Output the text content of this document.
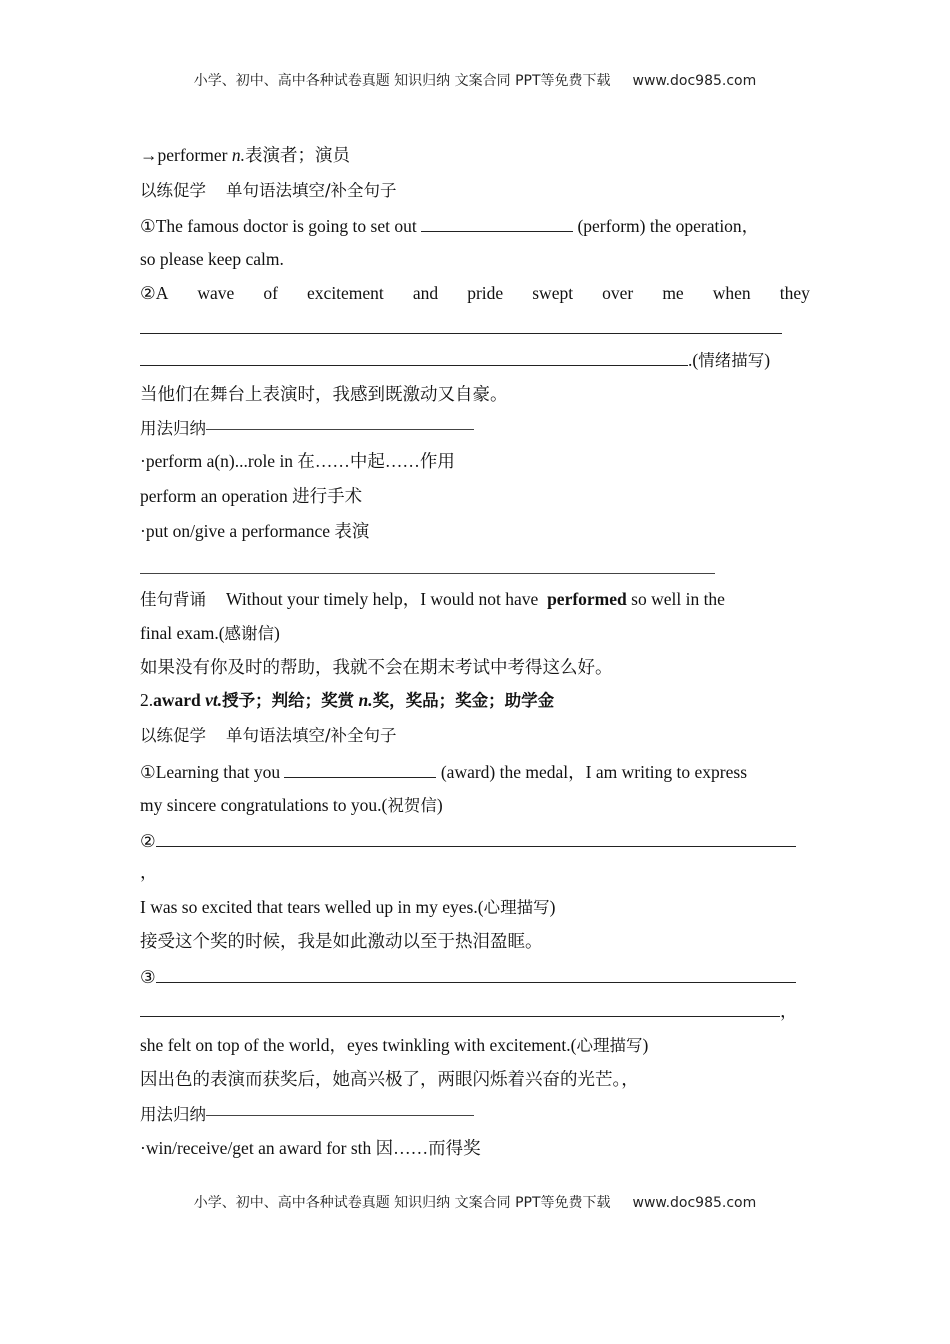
小学、初中、高中各种试卷真题 知识归纳 文案合同 PPT等免费下载 www.doc985.com
→performer n.表演者；演员
以练促学 单句语法填空/补全句子
①The famous doctor is going to set out	(perform) the operation，
so please keep calm.
②A wave of excitement and pride swept over me when they
.(情绪描写)
当他们在舞台上表演时，我感到既激动又自豪。
用法归纳
·perform a(n)...role in 在……中起……作用
perform an operation 进行手术
·put on/give a performance 表演
佳句背诵 Without your timely help，I would not have performed so well in the
final exam.(感谢信)
如果没有你及时的帮助，我就不会在期末考试中考得这么好。
2.award vt.授予；判给；奖赏 n.奖，奖品；奖金；助学金
以练促学 单句语法填空/补全句子
①Learning that you	(award) the medal，I am writing to express
my sincere congratulations to you.(祝贺信)
②
，
I was so excited that tears welled up in my eyes.(心理描写)
接受这个奖的时候，我是如此激动以至于热泪盈眶。
③
，
she felt on top of the world，eyes twinkling with excitement.(心理描写)
因出色的表演而获奖后，她高兴极了，两眼闪烁着兴奋的光芒。，
用法归纳
·win/receive/get an award for sth 因……而得奖
小学、初中、高中各种试卷真题 知识归纳 文案合同 PPT等免费下载 www.doc985.com
